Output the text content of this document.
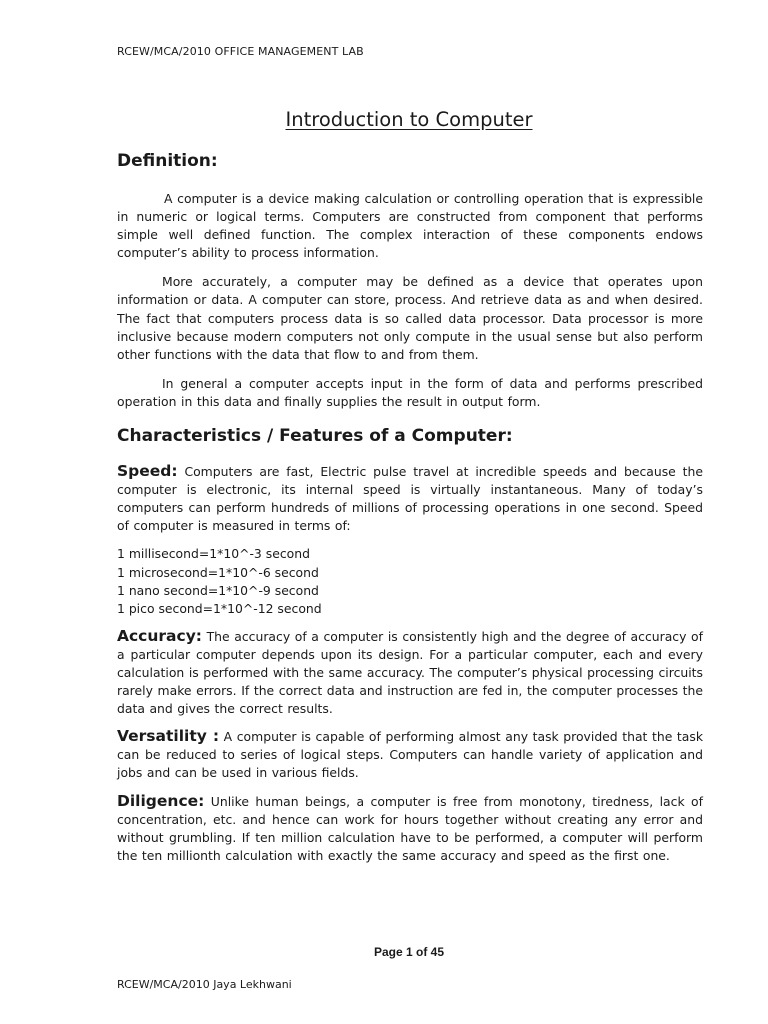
RCEW/MCA/2010 OFFICE MANAGEMENT LAB
Introduction to Computer
Definition:

A computer is a device making calculation or controlling operation that is expressible in numeric or logical terms. Computers are constructed from component that performs simple well defined function. The complex interaction of these components endows computer’s ability to process information.

More accurately, a computer may be defined as a device that operates upon information or data. A computer can store, process. And retrieve data as and when desired. The fact that computers process data is so called data processor. Data processor is more inclusive because modern computers not only compute in the usual sense but also perform other functions with the data that flow to and from them.

In general a computer accepts input in the form of data and performs prescribed operation in this data and finally supplies the result in output form.

Characteristics / Features of a Computer:

Speed: Computers are fast, Electric pulse travel at incredible speeds and because the computer is electronic, its internal speed is virtually instantaneous. Many of today’s computers can perform hundreds of millions of processing operations in one second. Speed of computer is measured in terms of:

1 millisecond=1*10^-3 second
1 microsecond=1*10^-6 second
1 nano second=1*10^-9 second
1 pico second=1*10^-12 second

Accuracy: The accuracy of a computer is consistently high and the degree of accuracy of a particular computer depends upon its design. For a particular computer, each and every calculation is performed with the same accuracy. The computer’s physical processing circuits rarely make errors. If the correct data and instruction are fed in, the computer processes the data and gives the correct results.

Versatility : A computer is capable of performing almost any task provided that the task can be reduced to series of logical steps. Computers can handle variety of application and jobs and can be used in various fields.

Diligence: Unlike human beings, a computer is free from monotony, tiredness, lack of concentration, etc. and hence can work for hours together without creating any error and without grumbling. If ten million calculation have to be performed, a computer will perform the ten millionth calculation with exactly the same accuracy and speed as the first one.

Page 1 of 45
RCEW/MCA/2010 Jaya Lekhwani
